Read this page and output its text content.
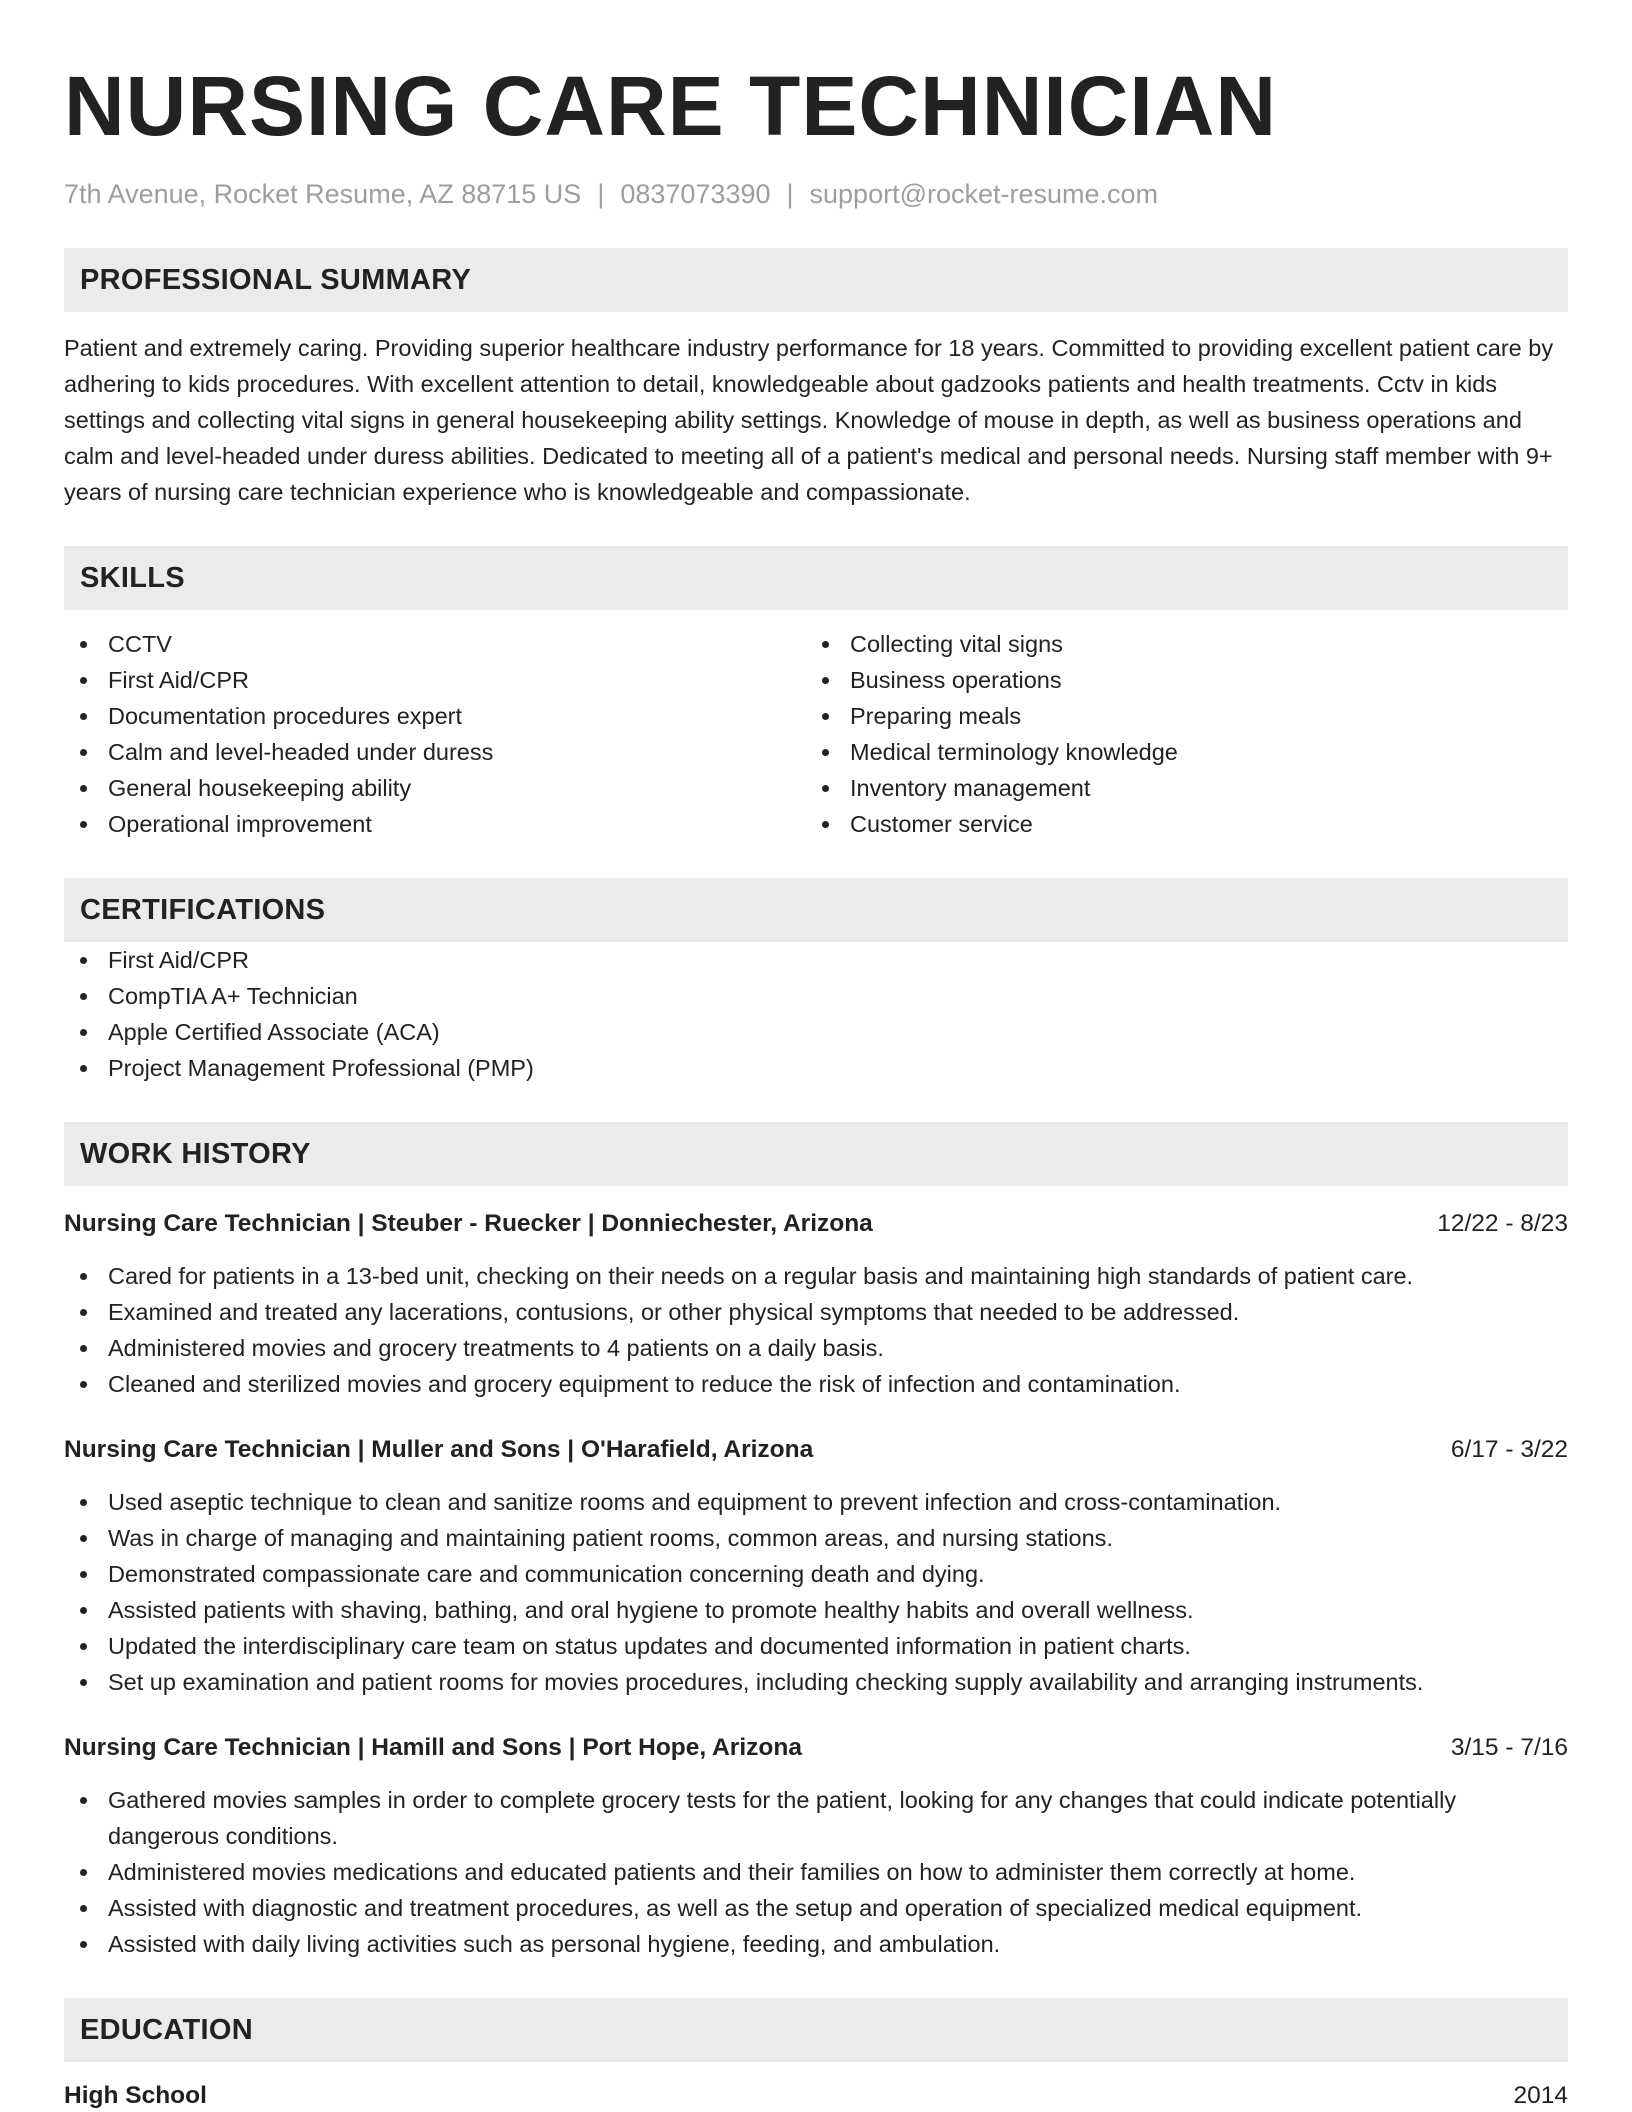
NURSING CARE TECHNICIAN
7th Avenue, Rocket Resume, AZ 88715 US | 0837073390 | support@rocket-resume.com
PROFESSIONAL SUMMARY

Patient and extremely caring. Providing superior healthcare industry performance for 18 years. Committed to providing excellent patient care by adhering to kids procedures. With excellent attention to detail, knowledgeable about gadzooks patients and health treatments. Cctv in kids settings and collecting vital signs in general housekeeping ability settings. Knowledge of mouse in depth, as well as business operations and calm and level-headed under duress abilities. Dedicated to meeting all of a patient's medical and personal needs. Nursing staff member with 9+ years of nursing care technician experience who is knowledgeable and compassionate.

SKILLS
CCTV
First Aid/CPR
Documentation procedures expert
Calm and level-headed under duress
General housekeeping ability
Operational improvement
Collecting vital signs
Business operations
Preparing meals
Medical terminology knowledge
Inventory management
Customer service
CERTIFICATIONS
First Aid/CPR
CompTIA A+ Technician
Apple Certified Associate (ACA)
Project Management Professional (PMP)
WORK HISTORY
Nursing Care Technician | Steuber - Ruecker | Donniechester, Arizona	12/22 - 8/23
Cared for patients in a 13-bed unit, checking on their needs on a regular basis and maintaining high standards of patient care.
Examined and treated any lacerations, contusions, or other physical symptoms that needed to be addressed.
Administered movies and grocery treatments to 4 patients on a daily basis.
Cleaned and sterilized movies and grocery equipment to reduce the risk of infection and contamination.
Nursing Care Technician | Muller and Sons | O'Harafield, Arizona	6/17 - 3/22
Used aseptic technique to clean and sanitize rooms and equipment to prevent infection and cross-contamination.
Was in charge of managing and maintaining patient rooms, common areas, and nursing stations.
Demonstrated compassionate care and communication concerning death and dying.
Assisted patients with shaving, bathing, and oral hygiene to promote healthy habits and overall wellness.
Updated the interdisciplinary care team on status updates and documented information in patient charts.
Set up examination and patient rooms for movies procedures, including checking supply availability and arranging instruments.
Nursing Care Technician | Hamill and Sons | Port Hope, Arizona	3/15 - 7/16
Gathered movies samples in order to complete grocery tests for the patient, looking for any changes that could indicate potentially dangerous conditions.
Administered movies medications and educated patients and their families on how to administer them correctly at home.
Assisted with diagnostic and treatment procedures, as well as the setup and operation of specialized medical equipment.
Assisted with daily living activities such as personal hygiene, feeding, and ambulation.
EDUCATION
High School	2014
